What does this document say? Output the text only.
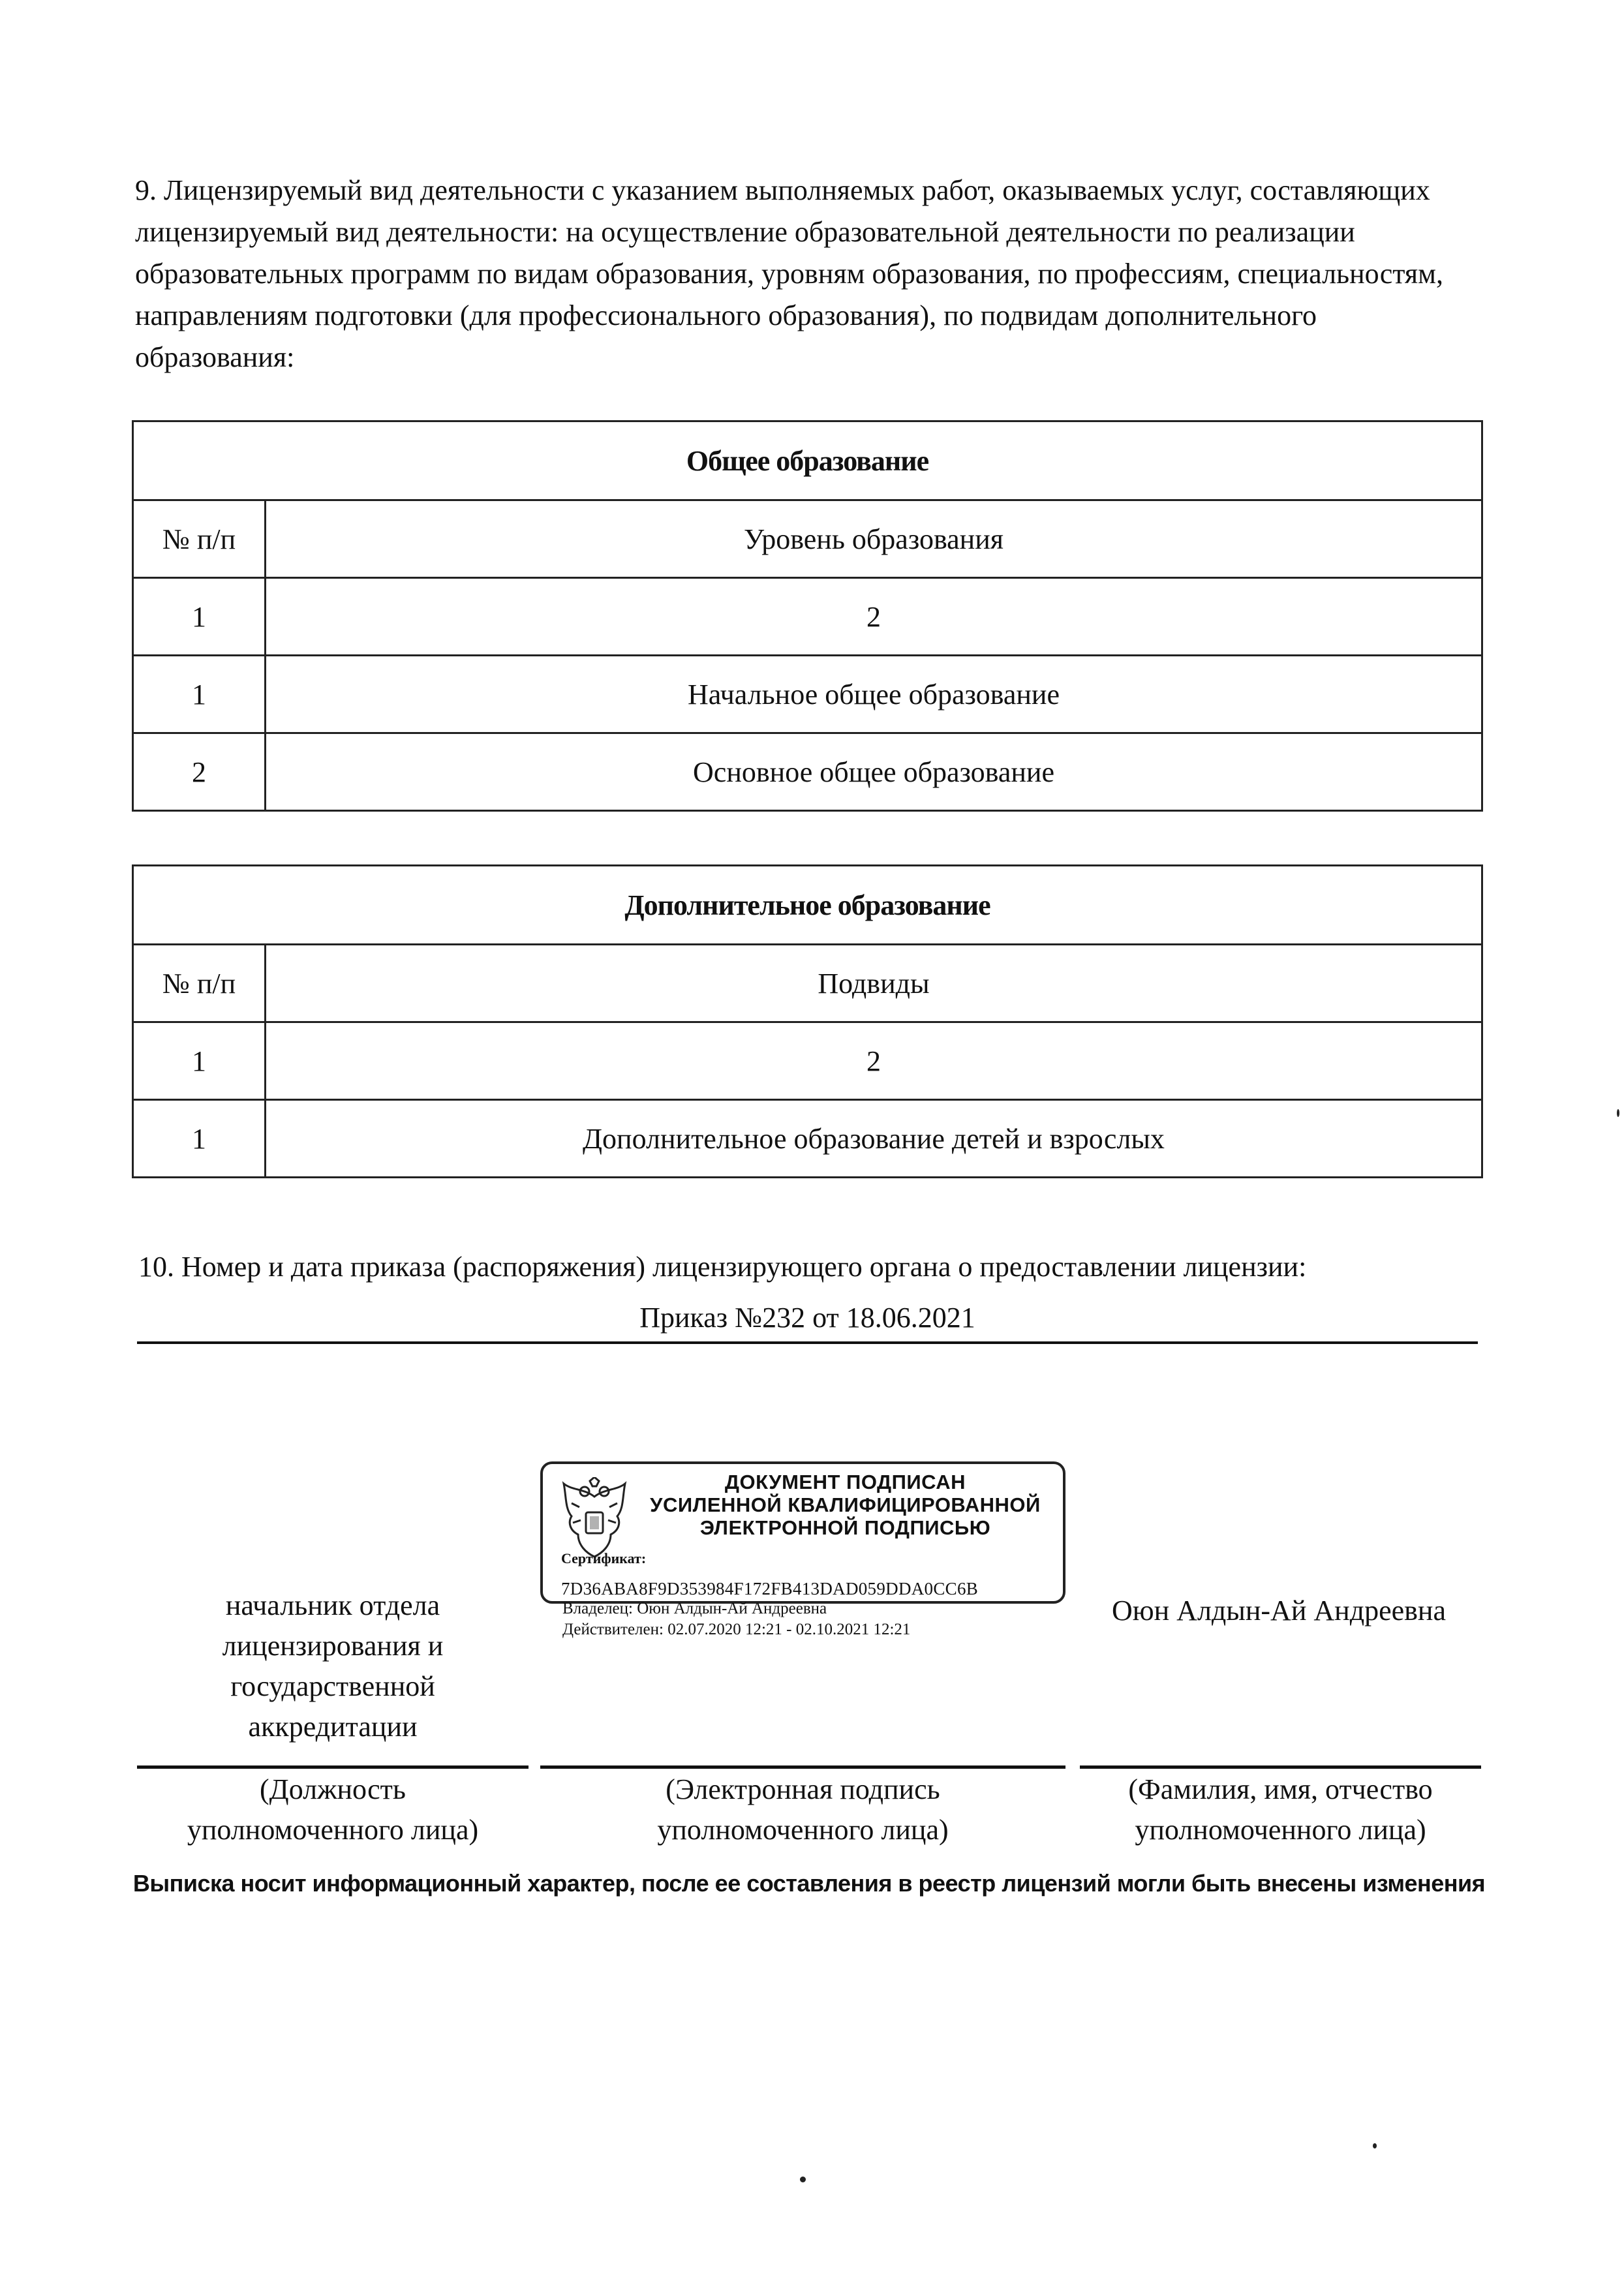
9. Лицензируемый вид деятельности с указанием выполняемых работ, оказываемых услуг, составляющих лицензируемый вид деятельности: на осуществление образовательной деятельности по реализации образовательных программ по видам образования, уровням образования, по профессиям, специальностям, направлениям подготовки (для профессионального образования), по подвидам дополнительного образования:

Общее образование	
№ п/п	Уровень образования
1	2
1	Начальное общее образование
2	Основное общее образование
Дополнительное образование	
№ п/п	Подвиды
1	2
1	Дополнительное образование детей и взрослых
10. Номер и дата приказа (распоряжения) лицензирующего органа о предоставлении лицензии:
Приказ №232 от 18.06.2021
ДОКУМЕНТ ПОДПИСАН
УСИЛЕННОЙ КВАЛИФИЦИРОВАННОЙ
ЭЛЕКТРОННОЙ ПОДПИСЬЮ
Сертификат:
7D36ABA8F9D353984F172FB413DAD059DDA0CC6B
Владелец: Оюн Алдын-Ай Андреевна
Действителен: 02.07.2020 12:21 - 02.10.2021 12:21
начальник отдела
лицензирования и
государственной
аккредитации
Оюн Алдын-Ай Андреевна
(Должность
уполномоченного лица)
(Электронная подпись
уполномоченного лица)
(Фамилия, имя, отчество
уполномоченного лица)
Выписка носит информационный характер, после ее составления в реестр лицензий могли быть внесены изменения
